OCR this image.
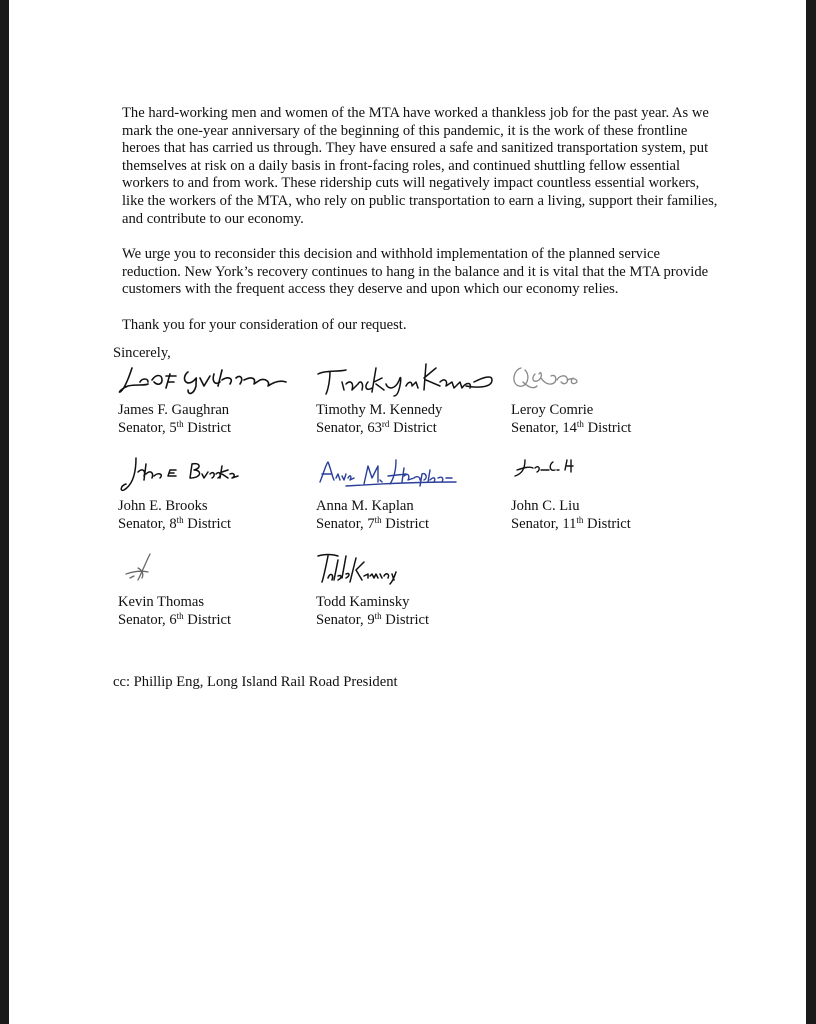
The hard-working men and women of the MTA have worked a thankless job for the past year. As we mark the one-year anniversary of the beginning of this pandemic, it is the work of these frontline heroes that has carried us through. They have ensured a safe and sanitized transportation system, put themselves at risk on a daily basis in front-facing roles, and continued shuttling fellow essential workers to and from work. These ridership cuts will negatively impact countless essential workers, like the workers of the MTA, who rely on public transportation to earn a living, support their families, and contribute to our economy.

We urge you to reconsider this decision and withhold implementation of the planned service reduction. New York’s recovery continues to hang in the balance and it is vital that the MTA provide customers with the frequent access they deserve and upon which our economy relies.

Thank you for your consideration of our request.

Sincerely,
James F. Gaughran
Senator, 5th District
Timothy M. Kennedy
Senator, 63rd District
Leroy Comrie
Senator, 14th District
John E. Brooks
Senator, 8th District
Anna M. Kaplan
Senator, 7th District
John C. Liu
Senator, 11th District
Kevin Thomas
Senator, 6th District
Todd Kaminsky
Senator, 9th District
cc: Phillip Eng, Long Island Rail Road President
